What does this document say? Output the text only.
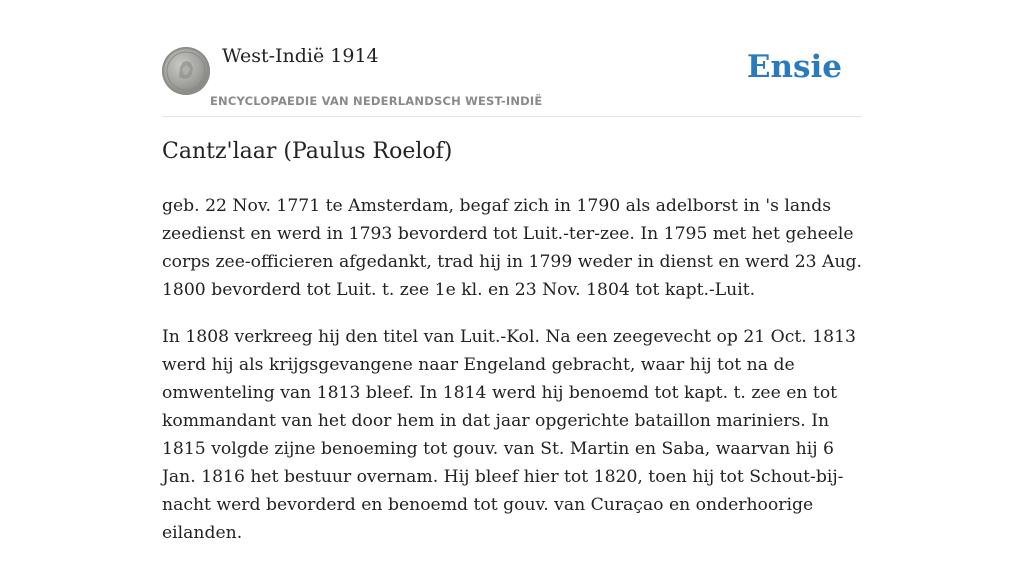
West-Indië 1914
ENCYCLOPAEDIE VAN NEDERLANDSCH WEST-INDIË
Ensie
Cantz'laar (Paulus Roelof)

geb. 22 Nov. 1771 te Amsterdam, begaf zich in 1790 als adelborst in 's lands zeedienst en werd in 1793 bevorderd tot Luit.-ter-zee. In 1795 met het geheele corps zee-officieren afgedankt, trad hij in 1799 weder in dienst en werd 23 Aug. 1800 bevorderd tot Luit. t. zee 1e kl. en 23 Nov. 1804 tot kapt.-Luit.

In 1808 verkreeg hij den titel van Luit.-Kol. Na een zeegevecht op 21 Oct. 1813 werd hij als krijgsgevangene naar Engeland gebracht, waar hij tot na de omwenteling van 1813 bleef. In 1814 werd hij benoemd tot kapt. t. zee en tot kommandant van het door hem in dat jaar opgerichte bataillon mariniers. In 1815 volgde zijne benoeming tot gouv. van St. Martin en Saba, waarvan hij 6 Jan. 1816 het bestuur overnam. Hij bleef hier tot 1820, toen hij tot Schout-bij-nacht werd bevorderd en benoemd tot gouv. van Curaçao en onderhoorige eilanden.
